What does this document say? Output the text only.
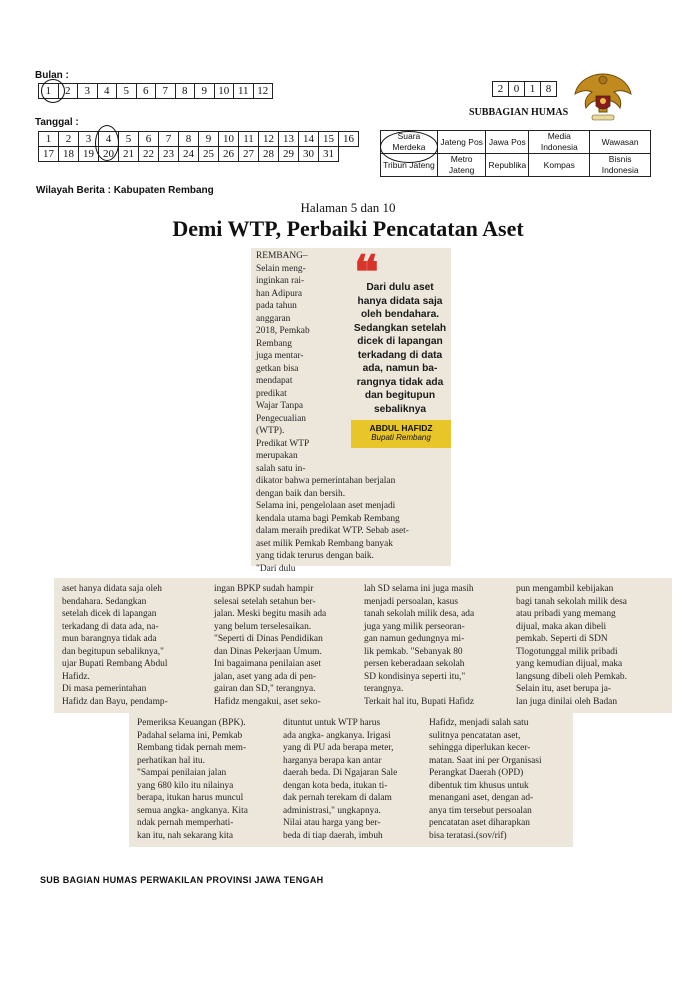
Bulan :
1	2	3	4	5	6	7	8	9	10	11	12
Tanggal :
1	2	3	4	5	6	7	8	9	10	11	12	13	14	15	16
17	18	19	20	21	22	23	24	25	26	27	28	29	30	31	
Wilayah Berita : Kabupaten Rembang
2	0	1	8
SUBBAGIAN HUMAS
Suara Merdeka	Jateng Pos	Jawa Pos	Media Indonesia	Wawasan
Tribun Jateng	Metro Jateng	Republika	Kompas	Bisnis Indonesia
Halaman 5 dan 10
Demi WTP, Perbaiki Pencatatan Aset
REMBANG–
Selain meng-
inginkan rai-
han Adipura
pada tahun
anggaran
2018, Pemkab
Rembang
juga mentar-
getkan bisa
mendapat
predikat
Wajar Tanpa
Pengecualian
(WTP).
Predikat WTP
merupakan
salah satu in-
dikator bahwa pemerintahan berjalan
dengan baik dan bersih.
Selama ini, pengelolaan aset menjadi
kendala utama bagi Pemkab Rembang
dalam meraih predikat WTP. Sebab aset-
aset milik Pemkab Rembang banyak
yang tidak terurus dengan baik.
"Dari dulu
❝
Dari dulu aset
hanya didata saja
oleh bendahara.
Sedangkan setelah
dicek di lapangan
terkadang di data
ada, namun ba-
rangnya tidak ada
dan begitupun
sebaliknya
ABDUL HAFIDZ
Bupati Rembang
aset hanya didata saja oleh
bendahara. Sedangkan
setelah dicek di lapangan
terkadang di data ada, na-
mun barangnya tidak ada
dan begitupun sebaliknya,"
ujar Bupati Rembang Abdul
Hafidz.
Di masa pemerintahan
Hafidz dan Bayu, pendamp-
ingan BPKP sudah hampir
selesai setelah setahun ber-
jalan. Meski begitu masih ada
yang belum terselesaikan.
"Seperti di Dinas Pendidikan
dan Dinas Pekerjaan Umum.
Ini bagaimana penilaian aset
jalan, aset yang ada di pen-
gairan dan SD," terangnya.
Hafidz mengakui, aset seko-
lah SD selama ini juga masih
menjadi persoalan, kasus
tanah sekolah milik desa, ada
juga yang milik perseoran-
gan namun gedungnya mi-
lik pemkab. "Sebanyak 80
persen keberadaan sekolah
SD kondisinya seperti itu,"
terangnya.
Terkait hal itu, Bupati Hafidz
pun mengambil kebijakan
bagi tanah sekolah milik desa
atau pribadi yang memang
dijual, maka akan dibeli
pemkab. Seperti di SDN
Tlogotunggal milik pribadi
yang kemudian dijual, maka
langsung dibeli oleh Pemkab.
Selain itu, aset berupa ja-
lan juga dinilai oleh Badan
Pemeriksa Keuangan (BPK).
Padahal selama ini, Pemkab
Rembang tidak pernah mem-
perhatikan hal itu.
"Sampai penilaian jalan
yang 680 kilo itu nilainya
berapa, itukan harus muncul
semua angka- angkanya. Kita
ndak pernah memperhati-
kan itu, nah sekarang kita
dituntut untuk WTP harus
ada angka- angkanya. Irigasi
yang di PU ada berapa meter,
harganya berapa kan antar
daerah beda. Di Ngajaran Sale
dengan kota beda, itukan ti-
dak pernah terekam di dalam
administrasi," ungkapnya.
Nilai atau harga yang ber-
beda di tiap daerah, imbuh
Hafidz, menjadi salah satu
sulitnya pencatatan aset,
sehingga diperlukan kecer-
matan. Saat ini per Organisasi
Perangkat Daerah (OPD)
dibentuk tim khusus untuk
menangani aset, dengan ad-
anya tim tersebut persoalan
pencatatan aset diharapkan
bisa teratasi.(sov/rif)
SUB BAGIAN HUMAS PERWAKILAN PROVINSI JAWA TENGAH
